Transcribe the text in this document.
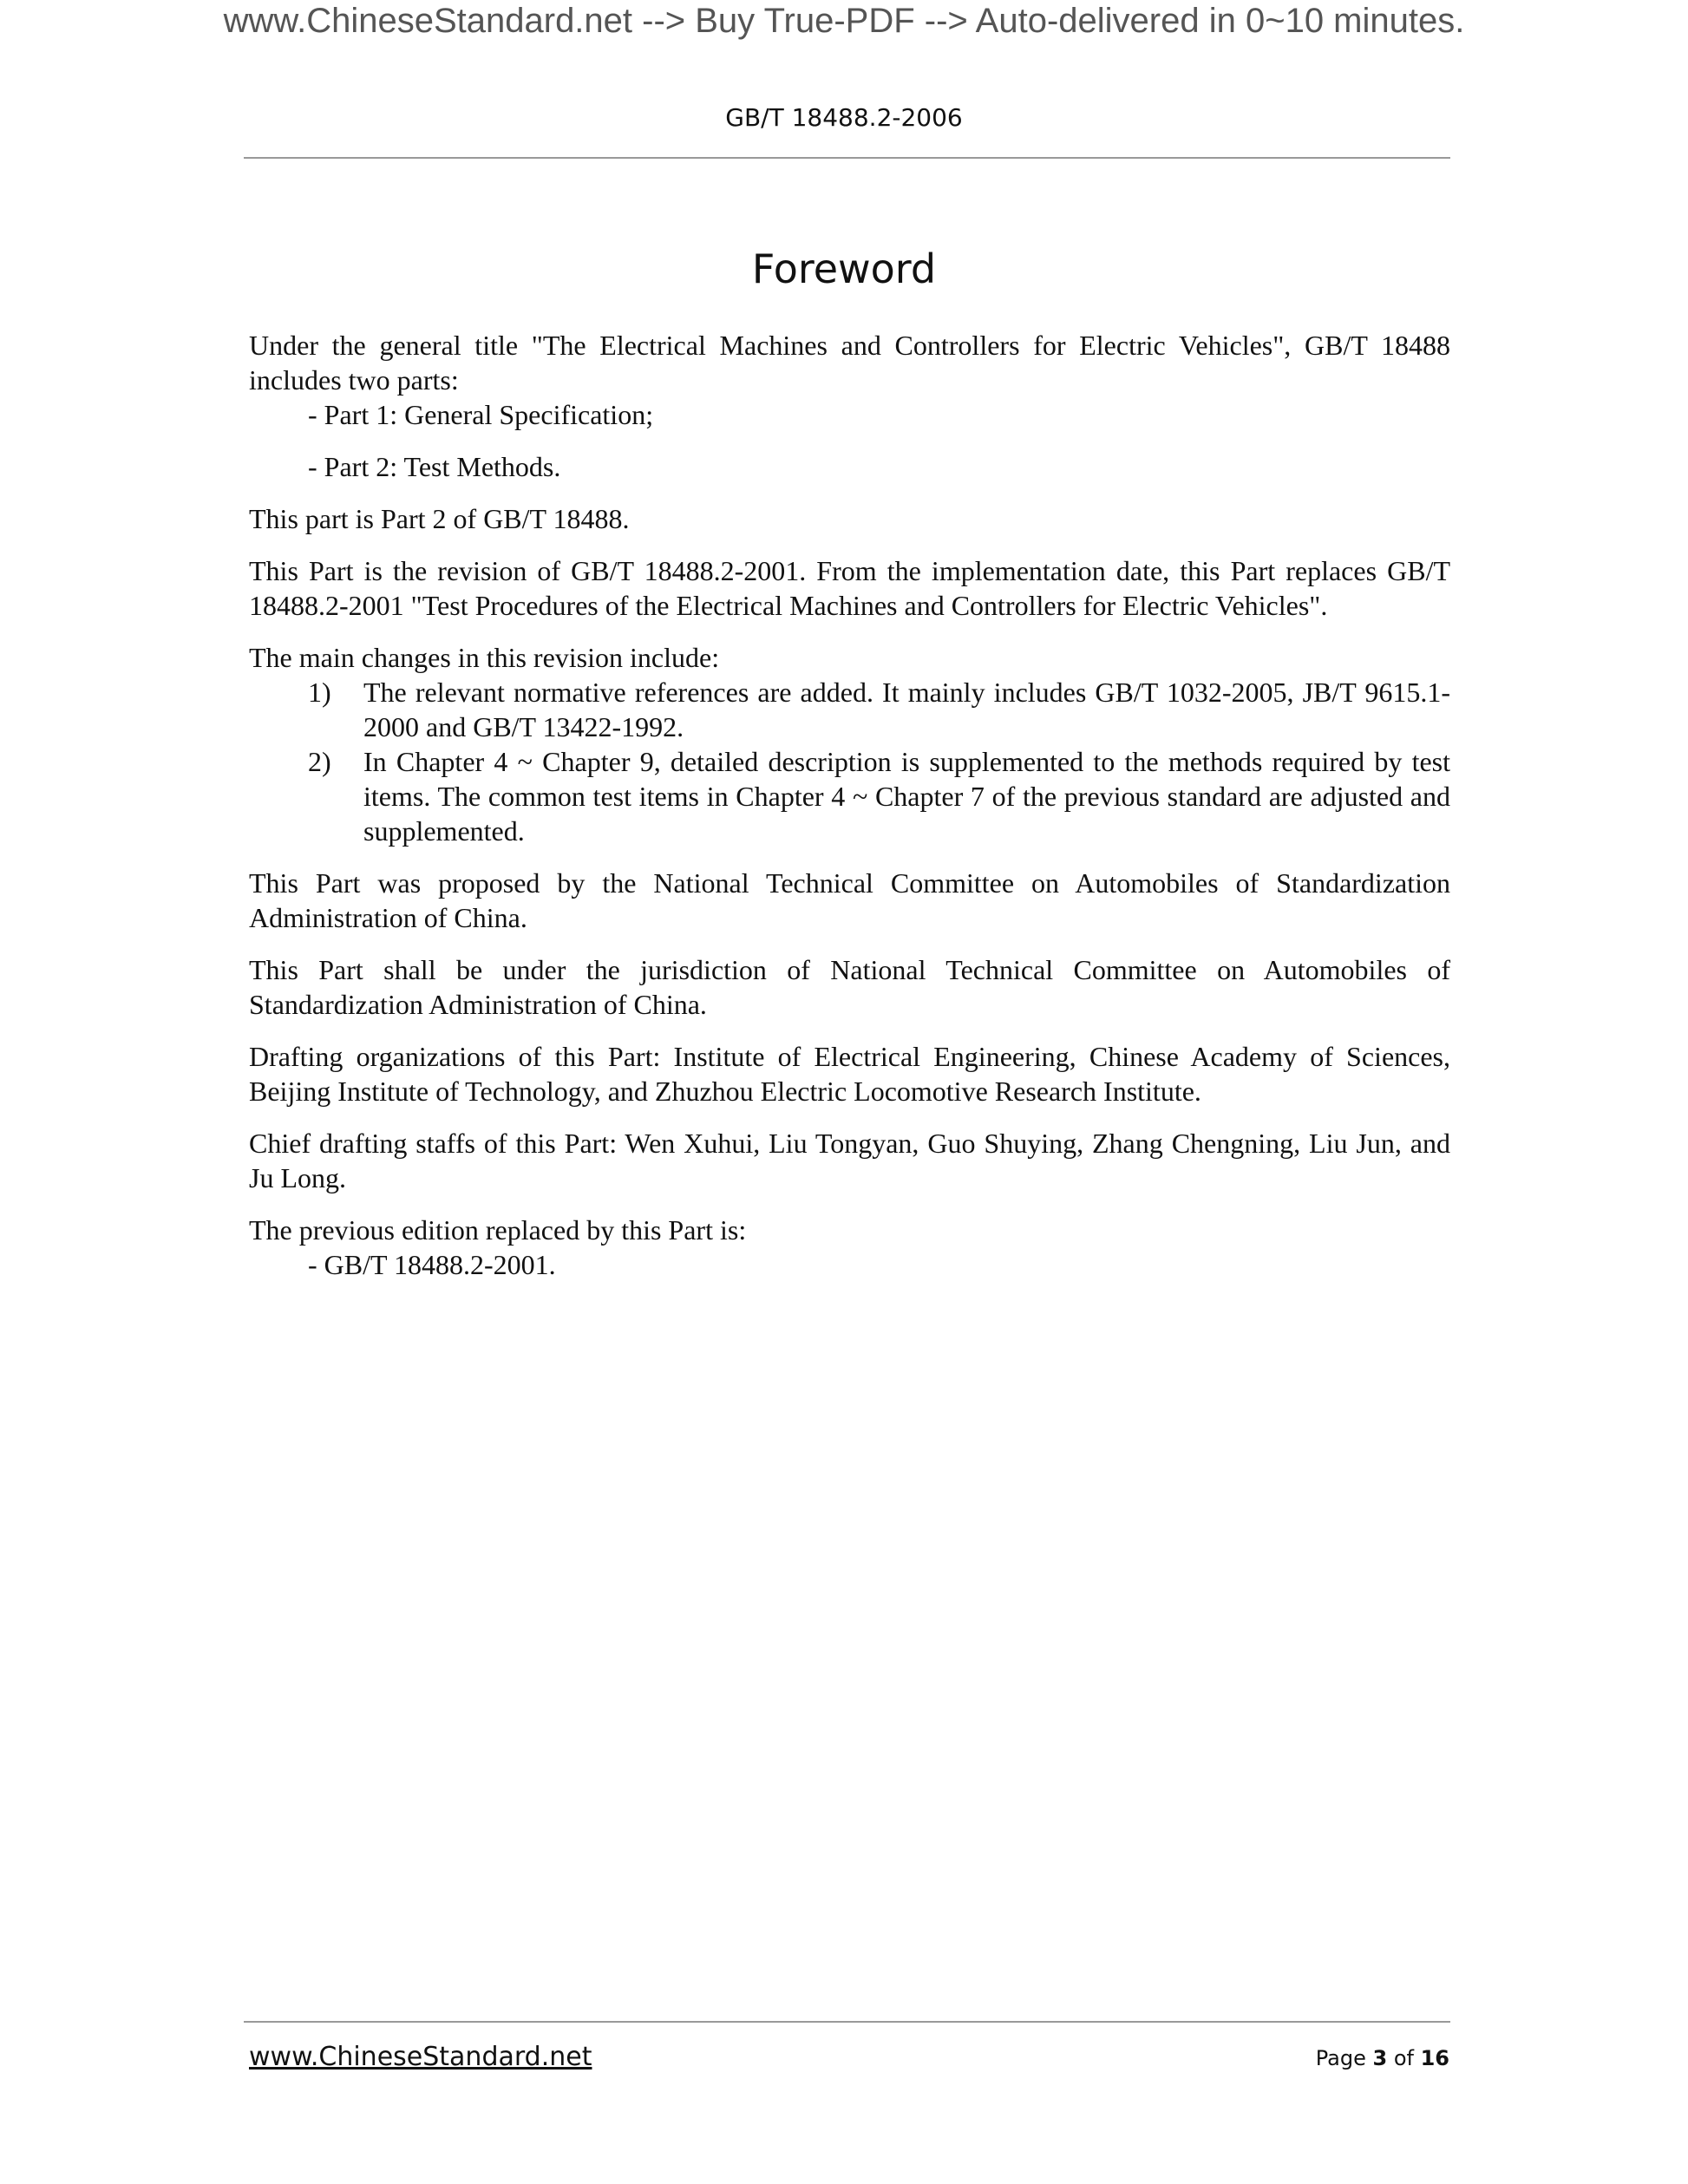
www.ChineseStandard.net --> Buy True-PDF --> Auto-delivered in 0~10 minutes.
GB/T 18488.2-2006
Foreword

Under the general title "The Electrical Machines and Controllers for Electric Vehicles", GB/T 18488 includes two parts:

- Part 1: General Specification;

- Part 2: Test Methods.

This part is Part 2 of GB/T 18488.

This Part is the revision of GB/T 18488.2-2001. From the implementation date, this Part replaces GB/T 18488.2-2001 "Test Procedures of the Electrical Machines and Controllers for Electric Vehicles".

The main changes in this revision include:

1)	The relevant normative references are added. It mainly includes GB/T 1032-2005, JB/T 9615.1-2000 and GB/T 13422-1992.
2)	In Chapter 4 ~ Chapter 9, detailed description is supplemented to the methods required by test items. The common test items in Chapter 4 ~ Chapter 7 of the previous standard are adjusted and supplemented.

This Part was proposed by the National Technical Committee on Automobiles of Standardization Administration of China.

This Part shall be under the jurisdiction of National Technical Committee on Automobiles of Standardization Administration of China.

Drafting organizations of this Part: Institute of Electrical Engineering, Chinese Academy of Sciences, Beijing Institute of Technology, and Zhuzhou Electric Locomotive Research Institute.

Chief drafting staffs of this Part: Wen Xuhui, Liu Tongyan, Guo Shuying, Zhang Chengning, Liu Jun, and Ju Long.

The previous edition replaced by this Part is:

- GB/T 18488.2-2001.

www.ChineseStandard.net	Page 3 of 16
